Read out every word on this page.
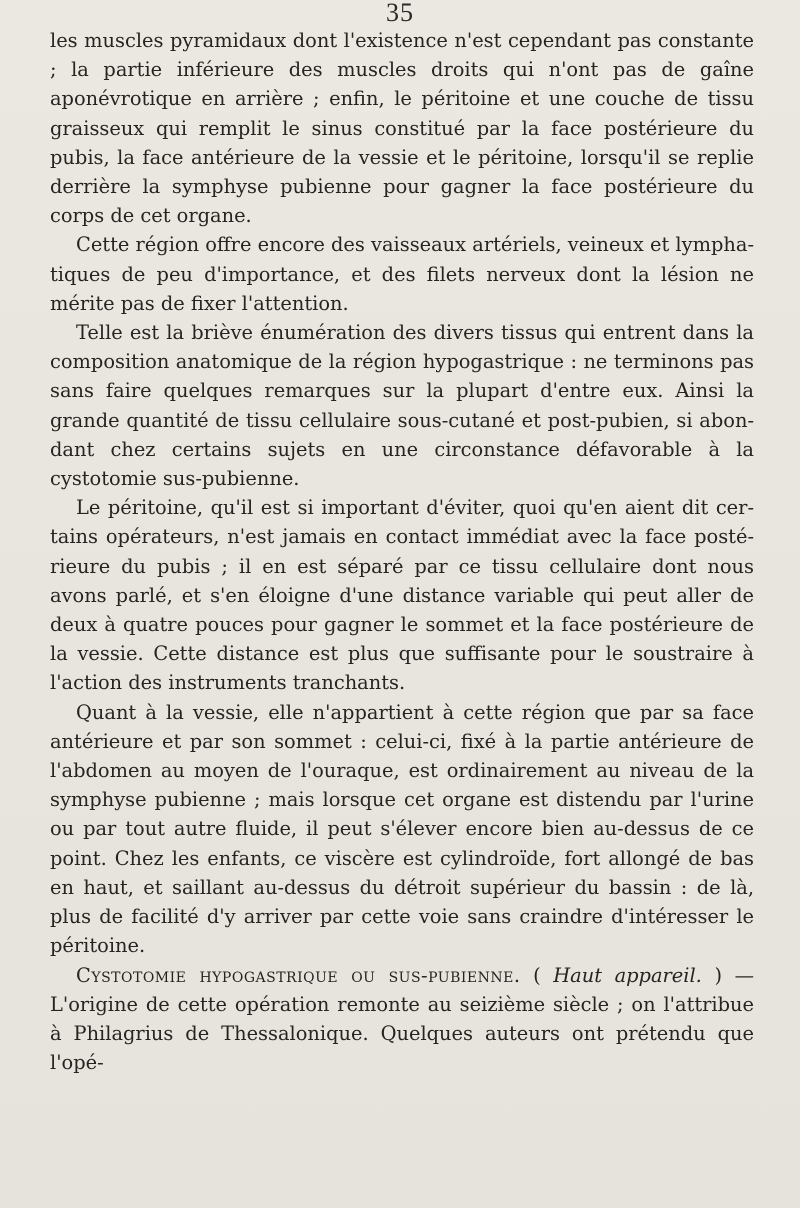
35

les muscles pyramidaux dont l'existence n'est cependant pas constante ; la partie inférieure des muscles droits qui n'ont pas de gaîne aponévrotique en arrière ; enfin, le péritoine et une couche de tissu graisseux qui remplit le sinus constitué par la face postérieure du pubis, la face antérieure de la vessie et le péritoine, lorsqu'il se replie derrière la symphyse pubienne pour gagner la face postérieure du corps de cet organe.

Cette région offre encore des vaisseaux artériels, veineux et lymphatiques de peu d'importance, et des filets nerveux dont la lésion ne mérite pas de fixer l'attention.

Telle est la briève énumération des divers tissus qui entrent dans la composition anatomique de la région hypogastrique : ne terminons pas sans faire quelques remarques sur la plupart d'entre eux. Ainsi la grande quantité de tissu cellulaire sous-cutané et post-pubien, si abondant chez certains sujets en une circonstance défavorable à la cystotomie sus-pubienne.

Le péritoine, qu'il est si important d'éviter, quoi qu'en aient dit certains opérateurs, n'est jamais en contact immédiat avec la face postérieure du pubis ; il en est séparé par ce tissu cellulaire dont nous avons parlé, et s'en éloigne d'une distance variable qui peut aller de deux à quatre pouces pour gagner le sommet et la face postérieure de la vessie. Cette distance est plus que suffisante pour le soustraire à l'action des instruments tranchants.

Quant à la vessie, elle n'appartient à cette région que par sa face antérieure et par son sommet : celui-ci, fixé à la partie antérieure de l'abdomen au moyen de l'ouraque, est ordinairement au niveau de la symphyse pubienne ; mais lorsque cet organe est distendu par l'urine ou par tout autre fluide, il peut s'élever encore bien au-dessus de ce point. Chez les enfants, ce viscère est cylindroïde, fort allongé de bas en haut, et saillant au-dessus du détroit supérieur du bassin : de là, plus de facilité d'y arriver par cette voie sans craindre d'intéresser le péritoine.

Cystotomie hypogastrique ou sus-pubienne. ( Haut appareil. ) — L'origine de cette opération remonte au seizième siècle ; on l'attribue à Philagrius de Thessalonique. Quelques auteurs ont prétendu que l'opé-
